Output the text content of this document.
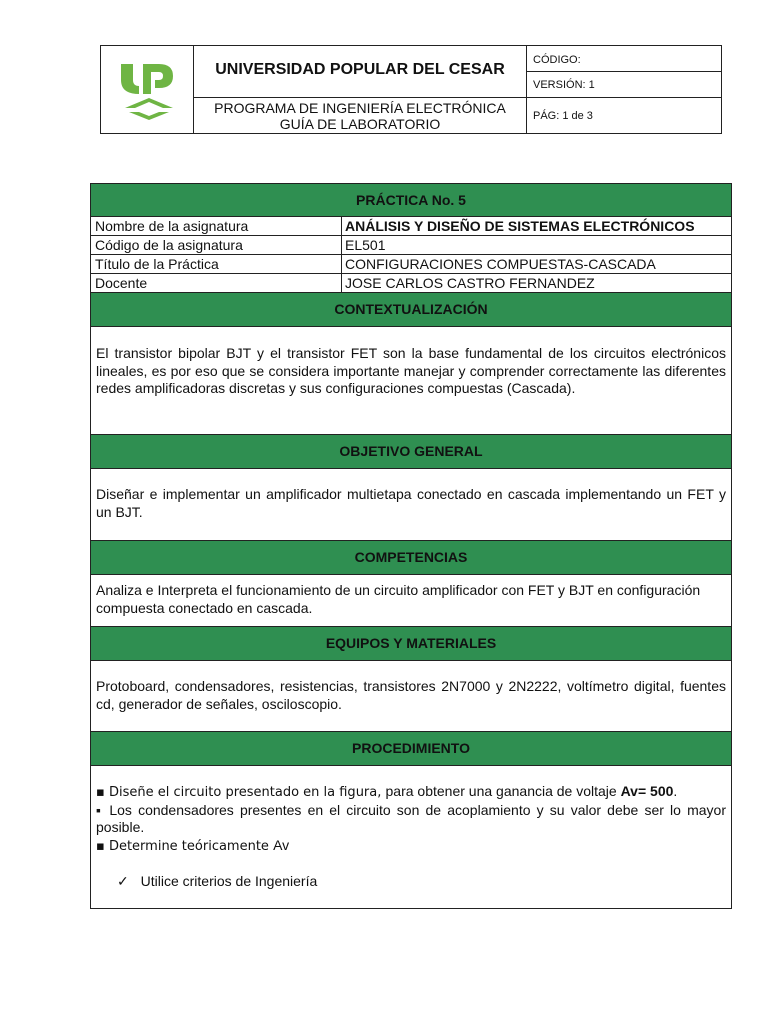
UNIVERSIDAD POPULAR DEL CESAR
PROGRAMA DE INGENIERÍA ELECTRÓNICA
GUÍA DE LABORATORIO
CÓDIGO:
VERSIÓN: 1
PÁG: 1 de 3
PRÁCTICA No. 5
Nombre de la asignatura	ANÁLISIS Y DISEÑO DE SISTEMAS ELECTRÓNICOS
Código de la asignatura	EL501
Título de la Práctica	CONFIGURACIONES COMPUESTAS-CASCADA
Docente	JOSE CARLOS CASTRO FERNANDEZ
CONTEXTUALIZACIÓN
El transistor bipolar BJT y el transistor FET son la base fundamental de los circuitos electrónicos lineales, es por eso que se considera importante manejar y comprender correctamente las diferentes redes amplificadoras discretas y sus configuraciones compuestas (Cascada).
OBJETIVO GENERAL
Diseñar e implementar un amplificador multietapa conectado en cascada implementando un FET y un BJT.
COMPETENCIAS
Analiza e Interpreta el funcionamiento de un circuito amplificador con FET y BJT en configuración compuesta conectado en cascada.
EQUIPOS Y MATERIALES
Protoboard, condensadores, resistencias, transistores 2N7000 y 2N2222, voltímetro digital, fuentes cd, generador de señales, osciloscopio.
PROCEDIMIENTO

▪ Diseñe el circuito presentado en la figura, para obtener una ganancia de voltaje Av= 500.

▪ Los condensadores presentes en el circuito son de acoplamiento y su valor debe ser lo mayor posible.

▪ Determine teóricamente Av

✓ Utilice criterios de Ingeniería
